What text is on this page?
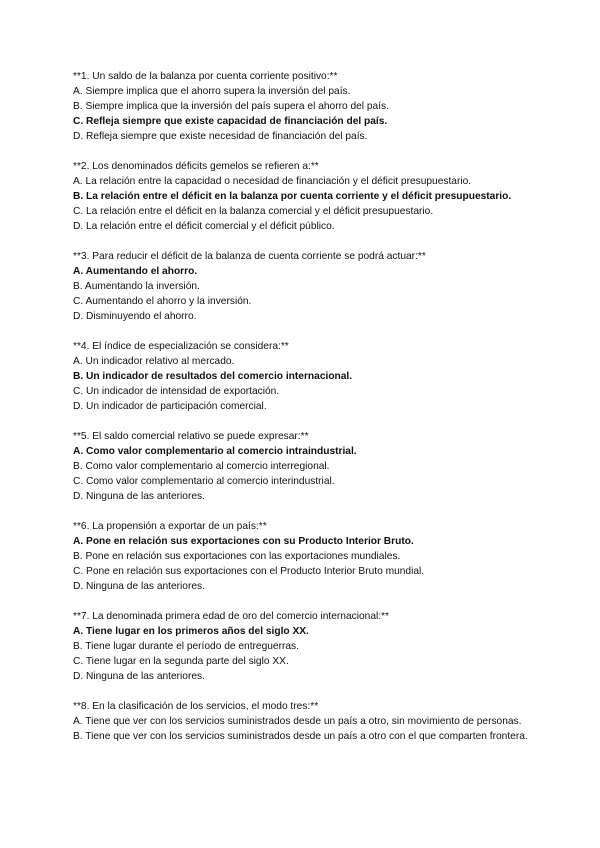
**1. Un saldo de la balanza por cuenta corriente positivo:**
A. Siempre implica que el ahorro supera la inversión del país.
B. Siempre implica que la inversión del país supera el ahorro del país.
C. Refleja siempre que existe capacidad de financiación del país.
D. Refleja siempre que existe necesidad de financiación del país.
**2. Los denominados déficits gemelos se refieren a:**
A. La relación entre la capacidad o necesidad de financiación y el déficit presupuestario.
B. La relación entre el déficit en la balanza por cuenta corriente y el déficit presupuestario.
C. La relación entre el déficit en la balanza comercial y el déficit presupuestario.
D. La relación entre el déficit comercial y el déficit público.
**3. Para reducir el déficit de la balanza de cuenta corriente se podrá actuar:**
A. Aumentando el ahorro.
B. Aumentando la inversión.
C. Aumentando el ahorro y la inversión.
D. Disminuyendo el ahorro.
**4. El índice de especialización se considera:**
A. Un indicador relativo al mercado.
B. Un indicador de resultados del comercio internacional.
C. Un indicador de intensidad de exportación.
D. Un indicador de participación comercial.
**5. El saldo comercial relativo se puede expresar:**
A. Como valor complementario al comercio intraindustrial.
B. Como valor complementario al comercio interregional.
C. Como valor complementario al comercio interindustrial.
D. Ninguna de las anteriores.
**6. La propensión a exportar de un país:**
A. Pone en relación sus exportaciones con su Producto Interior Bruto.
B. Pone en relación sus exportaciones con las exportaciones mundiales.
C. Pone en relación sus exportaciones con el Producto Interior Bruto mundial.
D. Ninguna de las anteriores.
**7. La denominada primera edad de oro del comercio internacional:**
A. Tiene lugar en los primeros años del siglo XX.
B. Tiene lugar durante el período de entreguerras.
C. Tiene lugar en la segunda parte del siglo XX.
D. Ninguna de las anteriores.
**8. En la clasificación de los servicios, el modo tres:**
A. Tiene que ver con los servicios suministrados desde un país a otro, sin movimiento de personas.
B. Tiene que ver con los servicios suministrados desde un país a otro con el que comparten frontera.
